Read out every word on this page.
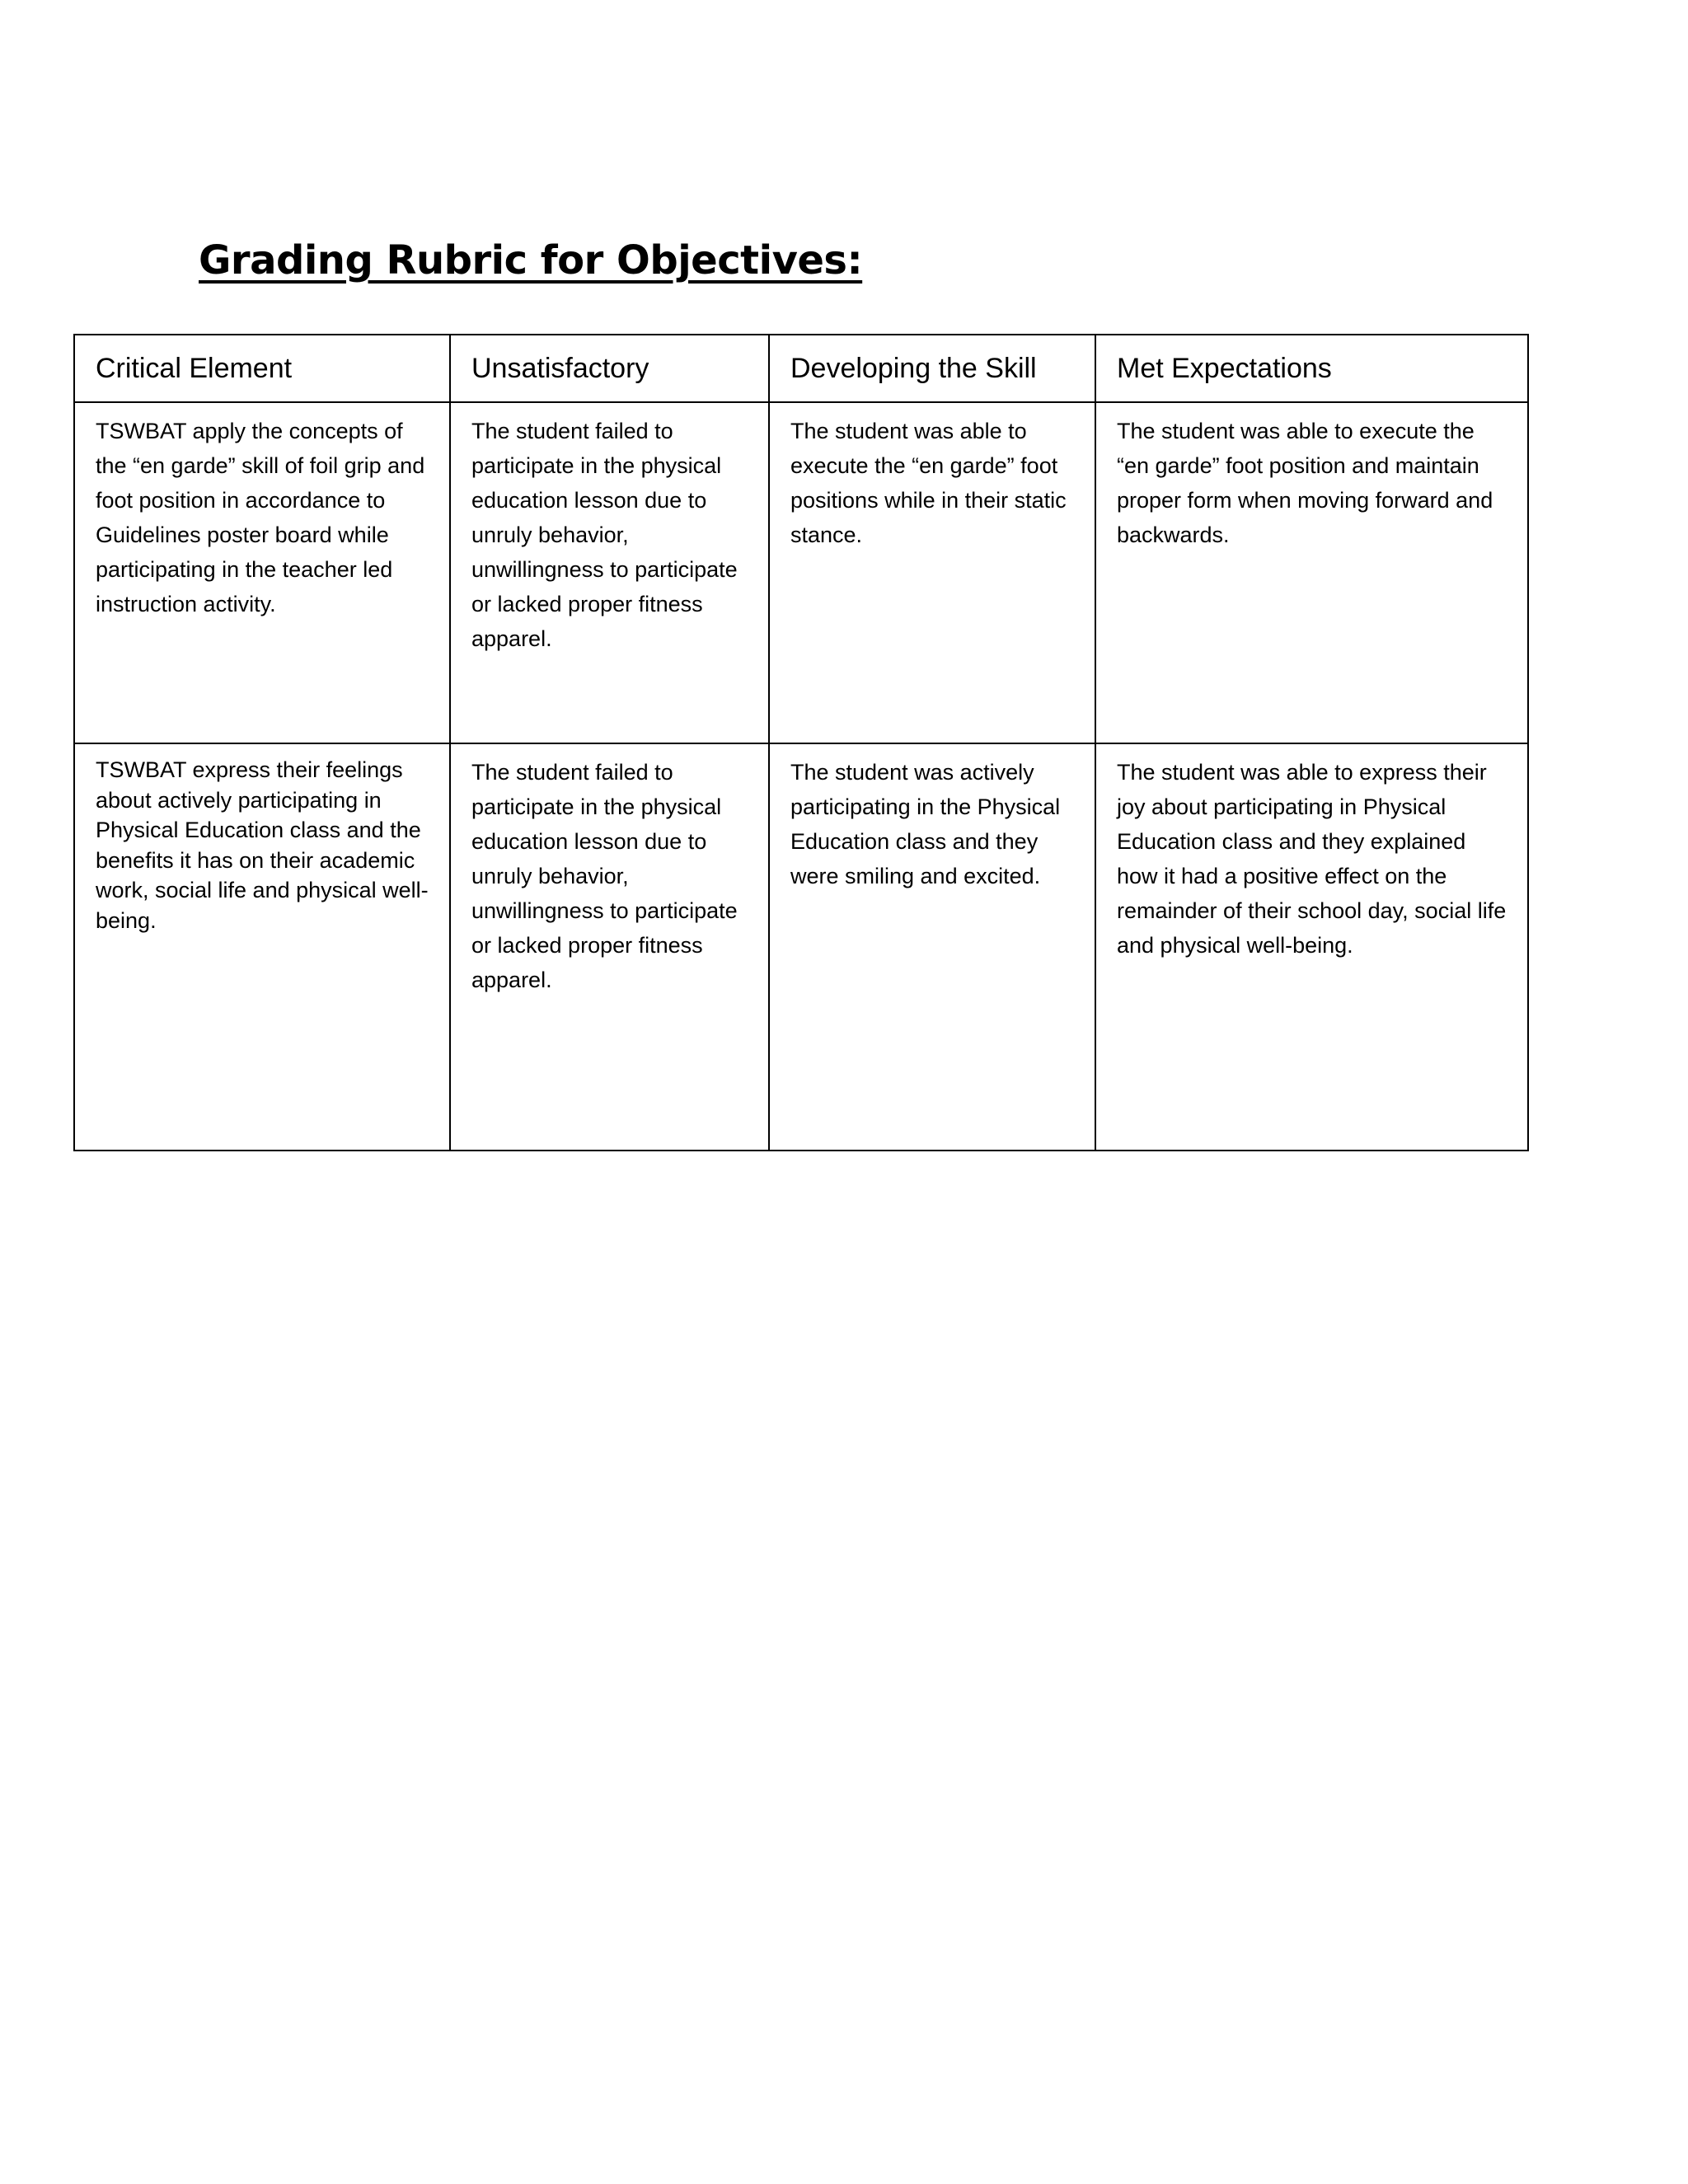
Grading Rubric for Objectives:
Critical Element	Unsatisfactory	Developing the Skill	Met Expectations
TSWBAT apply the concepts of the “en garde” skill of foil grip and foot position in accordance to Guidelines poster board while participating in the teacher led instruction activity.	The student failed to participate in the physical education lesson due to unruly behavior, unwillingness to participate or lacked proper fitness apparel.	The student was able to execute the “en garde” foot positions while in their static stance.	The student was able to execute the “en garde” foot position and maintain proper form when moving forward and backwards.
TSWBAT express their feelings about actively participating in Physical Education class and the benefits it has on their academic work, social life and physical well-being.	The student failed to participate in the physical education lesson due to unruly behavior, unwillingness to participate or lacked proper fitness apparel.	The student was actively participating in the Physical Education class and they were smiling and excited.	The student was able to express their joy about participating in Physical Education class and they explained how it had a positive effect on the remainder of their school day, social life and physical well-being.
